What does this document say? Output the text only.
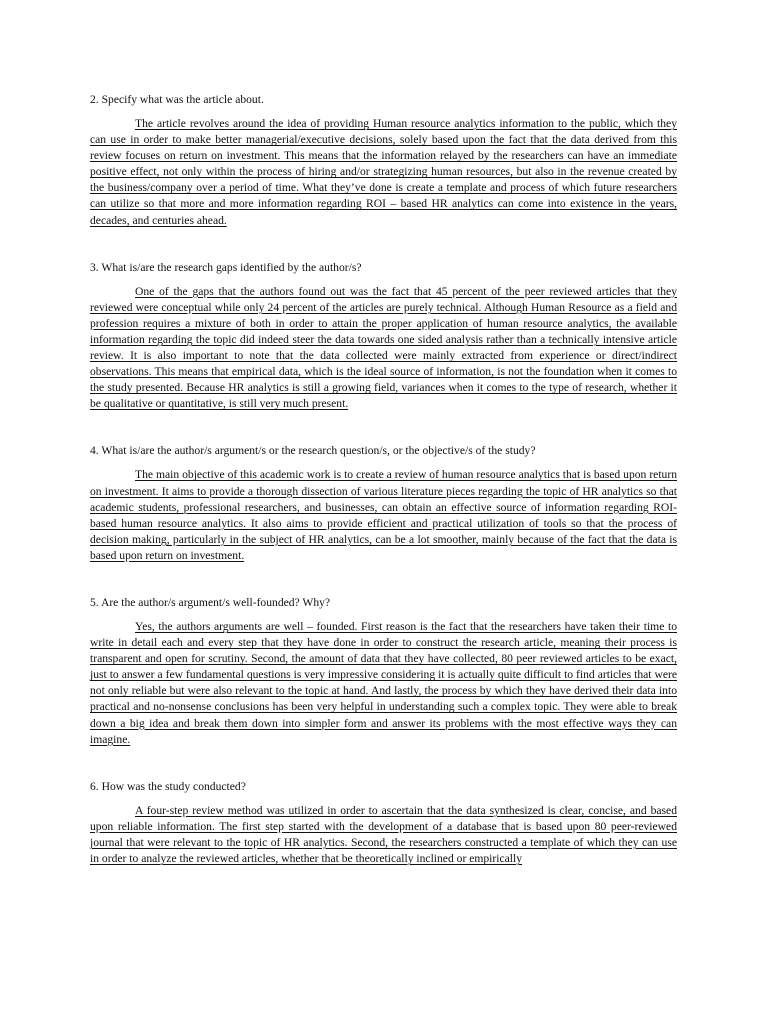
2. Specify what was the article about.

The article revolves around the idea of providing Human resource analytics information to the public, which they can use in order to make better managerial/executive decisions, solely based upon the fact that the data derived from this review focuses on return on investment. This means that the information relayed by the researchers can have an immediate positive effect, not only within the process of hiring and/or strategizing human resources, but also in the revenue created by the business/company over a period of time. What they’ve done is create a template and process of which future researchers can utilize so that more and more information regarding ROI – based HR analytics can come into existence in the years, decades, and centuries ahead.

3. What is/are the research gaps identified by the author/s?

One of the gaps that the authors found out was the fact that 45 percent of the peer reviewed articles that they reviewed were conceptual while only 24 percent of the articles are purely technical. Although Human Resource as a field and profession requires a mixture of both in order to attain the proper application of human resource analytics, the available information regarding the topic did indeed steer the data towards one sided analysis rather than a technically intensive article review. It is also important to note that the data collected were mainly extracted from experience or direct/indirect observations. This means that empirical data, which is the ideal source of information, is not the foundation when it comes to the study presented. Because HR analytics is still a growing field, variances when it comes to the type of research, whether it be qualitative or quantitative, is still very much present.

4. What is/are the author/s argument/s or the research question/s, or the objective/s of the study?

The main objective of this academic work is to create a review of human resource analytics that is based upon return on investment. It aims to provide a thorough dissection of various literature pieces regarding the topic of HR analytics so that academic students, professional researchers, and businesses, can obtain an effective source of information regarding ROI-based human resource analytics. It also aims to provide efficient and practical utilization of tools so that the process of decision making, particularly in the subject of HR analytics, can be a lot smoother, mainly because of the fact that the data is based upon return on investment.

5. Are the author/s argument/s well-founded? Why?

Yes, the authors arguments are well – founded. First reason is the fact that the researchers have taken their time to write in detail each and every step that they have done in order to construct the research article, meaning their process is transparent and open for scrutiny. Second, the amount of data that they have collected, 80 peer reviewed articles to be exact, just to answer a few fundamental questions is very impressive considering it is actually quite difficult to find articles that were not only reliable but were also relevant to the topic at hand. And lastly, the process by which they have derived their data into practical and no-nonsense conclusions has been very helpful in understanding such a complex topic. They were able to break down a big idea and break them down into simpler form and answer its problems with the most effective ways they can imagine.

6. How was the study conducted?

A four-step review method was utilized in order to ascertain that the data synthesized is clear, concise, and based upon reliable information. The first step started with the development of a database that is based upon 80 peer-reviewed journal that were relevant to the topic of HR analytics. Second, the researchers constructed a template of which they can use in order to analyze the reviewed articles, whether that be theoretically inclined or empirically
